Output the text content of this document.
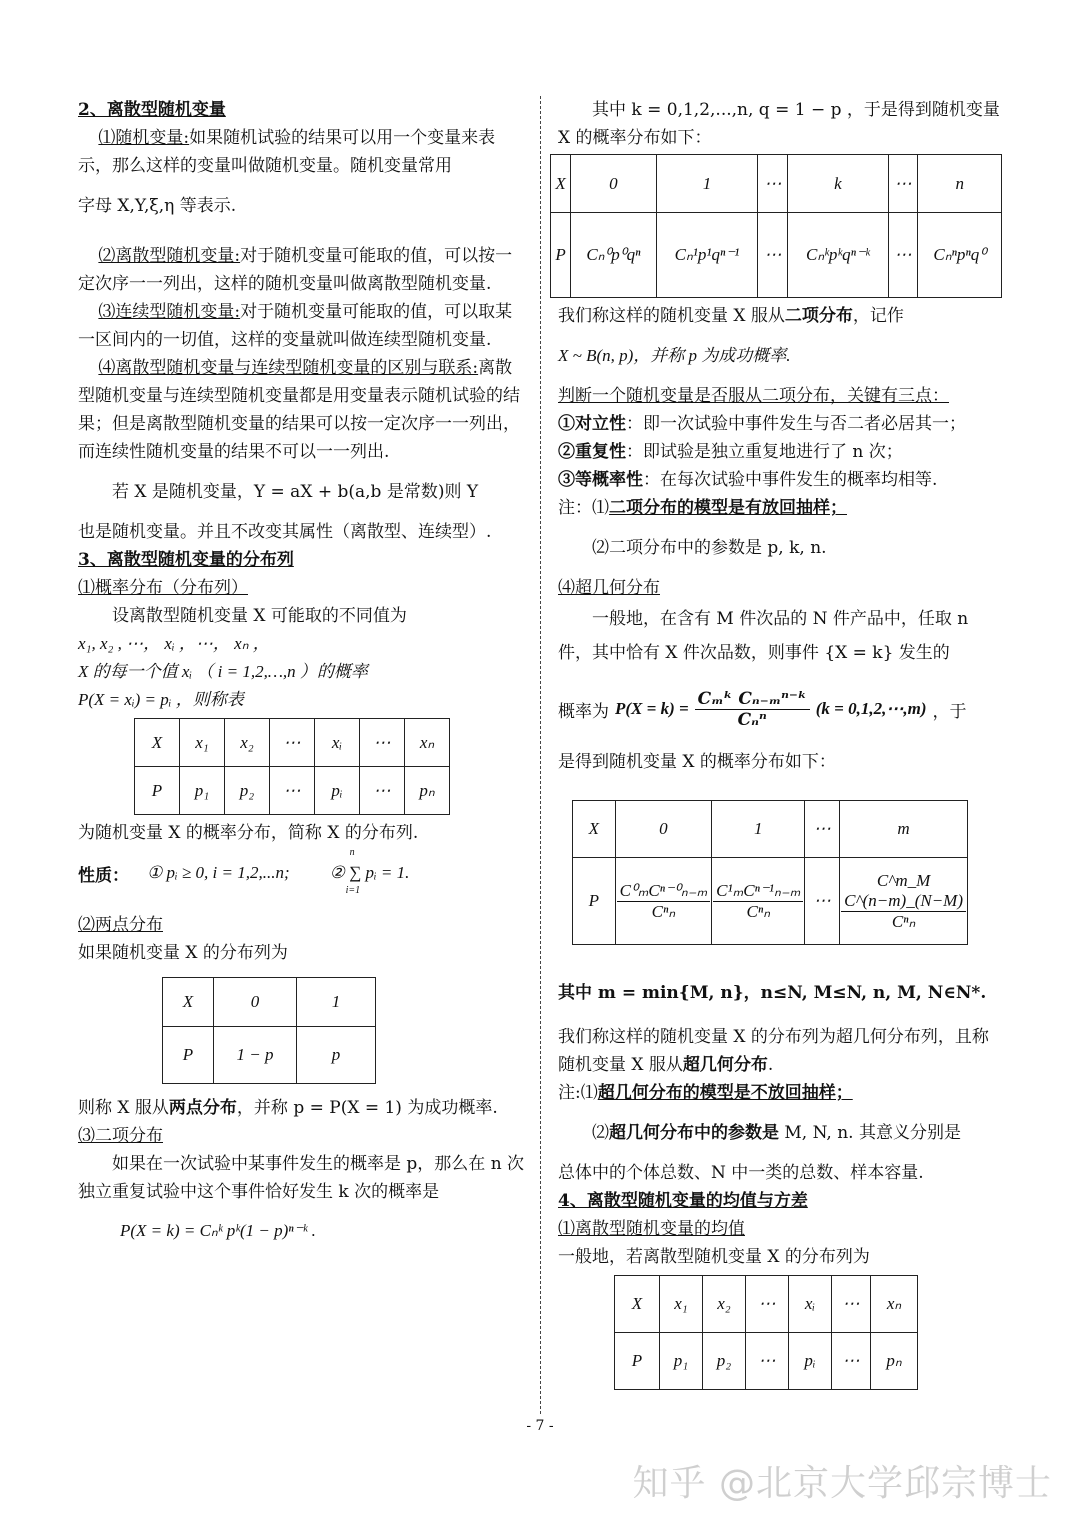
2、离散型随机变量

⑴随机变量:如果随机试验的结果可以用一个变量来表示，那么这样的变量叫做随机变量。随机变量常用

字母 X,Y,ξ,η 等表示.

⑵离散型随机变量:对于随机变量可能取的值，可以按一定次序一一列出，这样的随机变量叫做离散型随机变量.

⑶连续型随机变量:对于随机变量可能取的值，可以取某一区间内的一切值，这样的变量就叫做连续型随机变量.

⑷离散型随机变量与连续型随机变量的区别与联系:离散型随机变量与连续型随机变量都是用变量表示随机试验的结果；但是离散型随机变量的结果可以按一定次序一一列出，而连续性随机变量的结果不可以一一列出.

若 X 是随机变量，Y = aX + b(a,b 是常数)则 Y

也是随机变量。并且不改变其属性（离散型、连续型）.

3、离散型随机变量的分布列

⑴概率分布（分布列）

设离散型随机变量 X 可能取的不同值为

x₁, x₂ , ⋯， xᵢ ，⋯， xₙ ，

X 的每一个值 xᵢ （ i = 1,2,…,n ）的概率

P(X = xᵢ) = pᵢ ，则称表

X	x₁	x₂	⋯	xᵢ	⋯	xₙ
P	p₁	p₂	⋯	pᵢ	⋯	pₙ

为随机变量 X 的概率分布，简称 X 的分布列.

性质： ① pᵢ ≥ 0, i = 1,2,...n; ② ∑ pᵢ = 1.
n
i=1

⑵两点分布

如果随机变量 X 的分布列为

X	0	1
P	1 − p	p

则称 X 服从两点分布，并称 p = P(X = 1) 为成功概率.

⑶二项分布

如果在一次试验中某事件发生的概率是 p，那么在 n 次独立重复试验中这个事件恰好发生 k 次的概率是

P(X = k) = Cₙᵏ pᵏ(1 − p)ⁿ⁻ᵏ .

其中 k = 0,1,2,...,n, q = 1 − p ，于是得到随机变量 X 的概率分布如下：

X	0	1	⋯	k	⋯	n
P	Cₙ⁰p⁰qⁿ	Cₙ¹p¹qⁿ⁻¹	⋯	Cₙᵏpᵏqⁿ⁻ᵏ	⋯	Cₙⁿpⁿq⁰

我们称这样的随机变量 X 服从二项分布，记作

X ~ B(n, p)，并称 p 为成功概率.

判断一个随机变量是否服从二项分布，关键有三点：

①对立性：即一次试验中事件发生与否二者必居其一；

②重复性：即试验是独立重复地进行了 n 次；

③等概率性：在每次试验中事件发生的概率均相等.

注：⑴二项分布的模型是有放回抽样；

⑵二项分布中的参数是 p, k, n.

⑷超几何分布

一般地，在含有 M 件次品的 N 件产品中，任取 n 件，其中恰有 X 件次品数，则事件 {X = k} 发生的

概率为 $P(X = k) = \frac{\text{Cₘᵏ Cₙ₋ₘⁿ⁻ᵏ}}{\text{Cₙⁿ}} (k$ = 0,1,2,⋯,m) ，于

是得到随机变量 X 的概率分布如下：

X	0	1	⋯	m
P	$\frac{\text{C⁰ₘCⁿ⁻⁰ₙ₋ₘ}}{\text{Cⁿₙ}}$	$\frac{\text{C¹ₘCⁿ⁻¹ₙ₋ₘ}}{\text{Cⁿₙ}}$	⋯	$\frac{\text{C\textasciicircum{}m\_M C\textasciicircum{}(n−m)\_(N−M)}}{\text{Cⁿₙ}}$

其中 m = min{M, n}，n≤N, M≤N, n, M, N∈N*.

我们称这样的随机变量 X 的分布列为超几何分布列，且称随机变量 X 服从超几何分布.

注:⑴超几何分布的模型是不放回抽样；

⑵超几何分布中的参数是 M, N, n. 其意义分别是

总体中的个体总数、N 中一类的总数、样本容量.

4、离散型随机变量的均值与方差

⑴离散型随机变量的均值

一般地，若离散型随机变量 X 的分布列为

X	x₁	x₂	⋯	xᵢ	⋯	xₙ
P	p₁	p₂	⋯	pᵢ	⋯	pₙ
- 7 -
知乎 @北京大学邱宗博士
